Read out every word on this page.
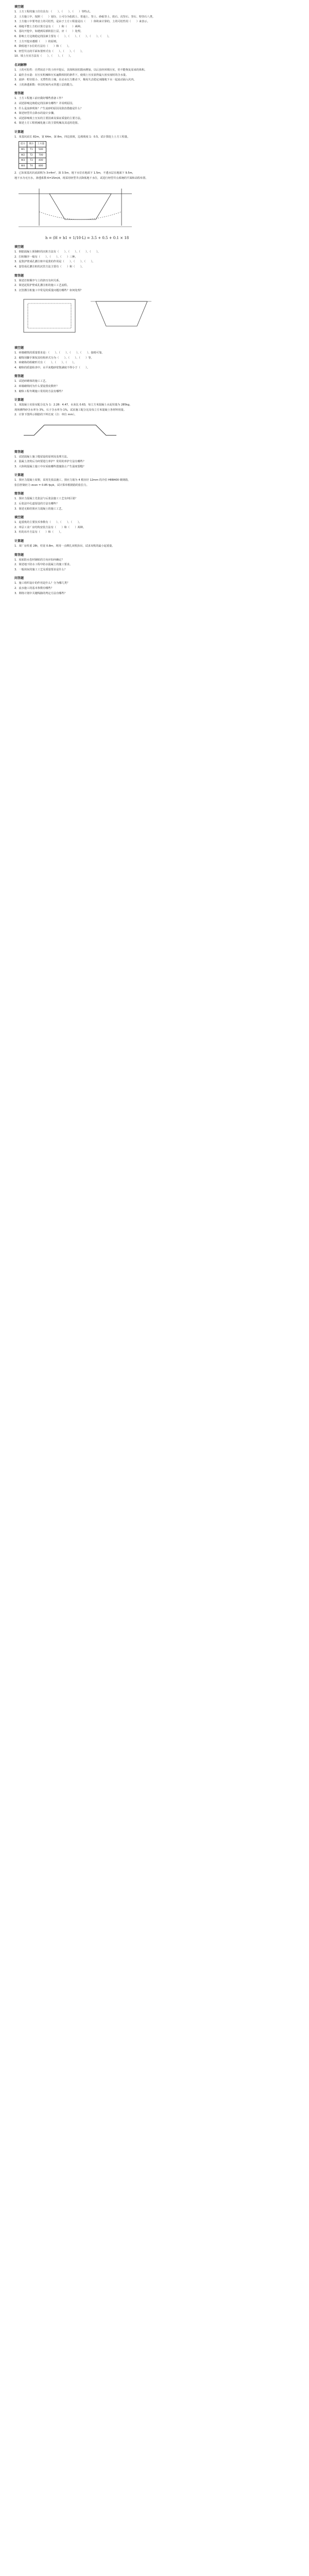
填空题
1．土方工程的施工往往具有：（　　）、（　　）、（　　）等特点。
2．土方施工中，按照（　　）划分，土可分为松软土、普通土、坚土、砂砾坚土、软石、次坚石、坚石、特坚石八类。
3．土方施工中要考虑土的可松性，是由于土方工程量是以（　　）体积来计算的，土的可松性用（　　）来表示。
4．场地平整土方的计算方法有（　　）和（　　）两种。
5．基坑开挖中，如遇到局部软弱土层，应（　　）处理。
6．影响土方边坡稳定的因素主要有（　　）、（　　）、（　　）、（　　）、（　　）。
7．土方开挖应遵循（　　）的原则。
8．降低地下水位的方法有（　　）和（　　）。
9．轻型井点的平面布置形式有（　　）、（　　）、（　　）。
10．填土压实方法有（　　）、（　　）、（　　）。
名词解释
1．土的可松性：自然状态下的土经开挖后，其体积因松散而增加，以后虽经回填压实，仍不能恢复原来的体积。
2．最佳含水量：在压实机械和压实遍数相同的条件下，使填土压实获得最大密实度时的含水量。
3．流砂：粒径很小、无塑性的土壤，在动水压力推动下，极易失去稳定而随地下水一起流动涌入坑内。
4．土的渗透系数：单位时间内水穿透土层的能力。
简答题
1．土方工程施工前应做好哪些准备工作？
2．试述影响边坡稳定的因素有哪些？并说明原因。
3．什么是流砂现象？产生流砂的原因及防治措施是什么？
4．简述轻型井点降水的设计步骤。
5．试述影响填土压实的主要因素及保证质量的主要方法。
6．简述土方工程机械化施工的主要机械及其适用范围。
计算题
1．某基坑底长 82m，宽 64m，深 8m，四边放坡，边坡坡度 1：0.5。试计算挖土土方工程量。
挖方	填方	土方量
W1	T1	500
W2	T2	700
W3	T3	400
W4	T4	800
2．已知某基坑坑底面积为 3×4m²，深 3.5m，地下水位在地面下 1.5m，不透水层在地面下 9.5m，
地下水为无压水，渗透系数 K=15m/d，现采用轻型井点降低地下水位，试进行轻型井点系统的平面和高程布置。
h = (H + h1 + 1/10·L) = 3.5 + 0.5 + 0.1 × 18
填空题
1．钢筋混凝土预制桩的沉桩方法有（　　）、（　　）、（　　）、（　　）。
2．打桩顺序一般有（　　）、（　　）、（　　）三种。
3．泥浆护壁成孔灌注桩中泥浆的作用是（　　）、（　　）、（　　）。
4．套管成孔灌注桩的沉管方法主要有（　　）和（　　）。
简答题
1．简述打桩顺序与土的挤压有何关系。
2．简述泥浆护壁成孔灌注桩的施工工艺流程。
3．沉管灌注桩施工中常见的质量问题有哪些？如何处理？
填空题
1．砖墙砌筑的质量要求是：（　　）、（　　）、（　　）、（　　）、接槎可靠。
2．砌筑用脚手架按其结构形式分为（　　）、（　　）、（　　）等。
3．砖砌体的组砌形式有（　　）、（　　）、（　　）。
4．砌体的质量检查中，水平灰缝砂浆饱满度不得小于（　　）。
简答题
1．试述砖砌体的施工工艺。
2．砖墙砌筑时为什么要设置皮数杆？
3．砌体工程冬期施工常用的方法有哪些？
计算题
1．某混凝土实验室配合比为 1：2.28：4.47，水灰比 0.63，每立方米混凝土水泥用量为 285kg，
现场测得砂含水率为 3%，石子含水率为 1%，试求施工配合比及每立方米混凝土各材料用量。
2．计算下图所示钢筋的下料长度（注：单位 mm）。
简答题
1．试述混凝土施工缝留设的原则及处理方法。
2．混凝土浇筑后为何要进行养护？常用的养护方法有哪些？
3．大体积混凝土施工中应采取哪些措施防止产生温度裂缝？
计算题
1．预应力混凝土屋架，采用先张法施工，预应力筋为 4 根直径 12mm 的冷拉 HRB400 级钢筋，
张拉控制应力 σcon = 0.85 fpyk，试计算单根钢筋的张拉力。
简答题
1．预应力混凝土先张法与后张法施工工艺有何区别？
2．后张法中孔道留设的方法有哪些？
3．简述无粘结预应力混凝土的施工工艺。
填空题
1．起重机的主要技术参数有（　　）、（　　）、（　　）。
2．单层工业厂房结构安装方法有（　　）和（　　）两种。
3．柱的吊升方法有（　　）和（　　）。
计算题
1．某厂房柱重 28t，柱宽 0.8m，现用一点绑扎双机抬吊，试求双机的最小起重量。
简答题
1．屋面防水卷材铺贴的方向应如何确定？
2．简述地下防水工程中防水混凝土的施工要求。
3．一般抹灰的施工工艺及质量要求是什么？
问答题
1．施工组织设计的作用是什么？分为哪几类？
2．流水施工的基本参数有哪些？
3．网络计划中关键线路的判定方法有哪些？
